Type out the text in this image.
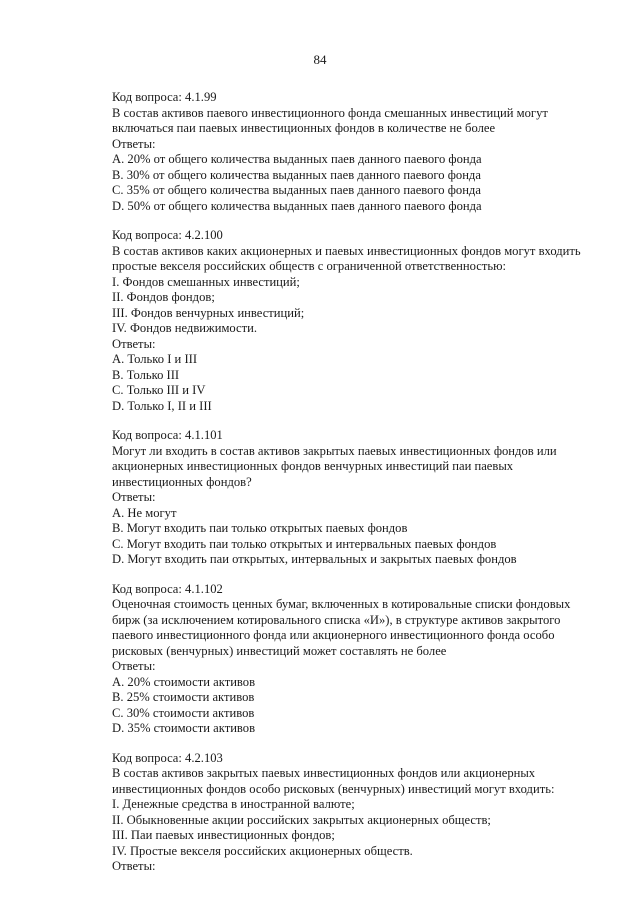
84
Код вопроса: 4.1.99
В состав активов паевого инвестиционного фонда смешанных инвестиций могут
включаться паи паевых инвестиционных фондов в количестве не более
Ответы:
A. 20% от общего количества выданных паев данного паевого фонда
B. 30% от общего количества выданных паев данного паевого фонда
C. 35% от общего количества выданных паев данного паевого фонда
D. 50% от общего количества выданных паев данного паевого фонда
Код вопроса: 4.2.100
В состав активов каких акционерных и паевых инвестиционных фондов могут входить
простые векселя российских обществ с ограниченной ответственностью:
I. Фондов смешанных инвестиций;
II. Фондов фондов;
III. Фондов венчурных инвестиций;
IV. Фондов недвижимости.
Ответы:
A. Только I и III
B. Только III
C. Только III и IV
D. Только I, II и III
Код вопроса: 4.1.101
Могут ли входить в состав активов закрытых паевых инвестиционных фондов или
акционерных инвестиционных фондов венчурных инвестиций паи паевых
инвестиционных фондов?
Ответы:
A. Не могут
B. Могут входить паи только открытых паевых фондов
C. Могут входить паи только открытых и интервальных паевых фондов
D. Могут входить паи открытых, интервальных и закрытых паевых фондов
Код вопроса: 4.1.102
Оценочная стоимость ценных бумаг, включенных в котировальные списки фондовых
бирж (за исключением котировального списка «И»), в структуре активов закрытого
паевого инвестиционного фонда или акционерного инвестиционного фонда особо
рисковых (венчурных) инвестиций может составлять не более
Ответы:
A. 20% стоимости активов
B. 25% стоимости активов
C. 30% стоимости активов
D. 35% стоимости активов
Код вопроса: 4.2.103
В состав активов закрытых паевых инвестиционных фондов или акционерных
инвестиционных фондов особо рисковых (венчурных) инвестиций могут входить:
I. Денежные средства в иностранной валюте;
II. Обыкновенные акции российских закрытых акционерных обществ;
III. Паи паевых инвестиционных фондов;
IV. Простые векселя российских акционерных обществ.
Ответы:
